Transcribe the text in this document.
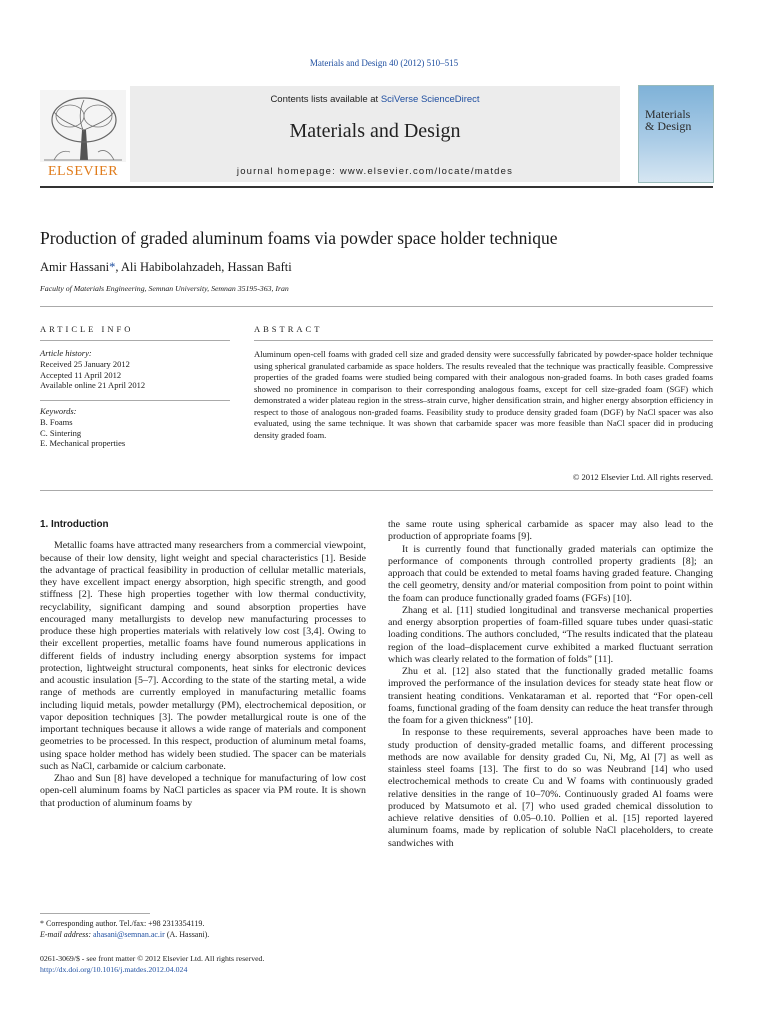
Materials and Design 40 (2012) 510–515
Contents lists available at SciVerse ScienceDirect
Materials and Design
journal homepage: www.elsevier.com/locate/matdes
ELSEVIER
Materials
& Design
Production of graded aluminum foams via powder space holder technique
Amir Hassani*, Ali Habibolahzadeh, Hassan Bafti
Faculty of Materials Engineering, Semnan University, Semnan 35195-363, Iran
ARTICLE INFO
Article history:
Received 25 January 2012
Accepted 11 April 2012
Available online 21 April 2012
Keywords:
B. Foams
C. Sintering
E. Mechanical properties
ABSTRACT
Aluminum open-cell foams with graded cell size and graded density were successfully fabricated by powder-space holder technique using spherical granulated carbamide as space holders. The results revealed that the technique was practically feasible. Compressive properties of the graded foams were studied being compared with their analogous non-graded foams. In both cases graded foams showed no prominence in comparison to their corresponding analogous foams, except for cell size-graded foam (SGF) which demonstrated a wider plateau region in the stress–strain curve, higher densification strain, and higher energy absorption efficiency in respect to those of analogous non-graded foams. Feasibility study to produce density graded foam (DGF) by NaCl spacer was also evaluated, using the same technique. It was shown that carbamide spacer was more feasible than NaCl spacer did in producing density graded foam.
© 2012 Elsevier Ltd. All rights reserved.
1. Introduction

Metallic foams have attracted many researchers from a commercial viewpoint, because of their low density, light weight and special characteristics [1]. Beside the advantage of practical feasibility in production of cellular metallic materials, they have excellent impact energy absorption, high specific strength, and good stiffness [2]. These high properties together with low thermal conductivity, recyclability, significant damping and sound absorption properties have encouraged many metallurgists to develop new manufacturing processes to produce these high properties materials with relatively low cost [3,4]. Owing to their excellent properties, metallic foams have found numerous applications in different fields of industry including energy absorption systems for impact protection, lightweight structural components, heat sinks for electronic devices and acoustic insulation [5–7]. According to the state of the starting metal, a wide range of methods are currently employed in manufacturing metallic foams including liquid metals, powder metallurgy (PM), electrochemical deposition, or vapor deposition techniques [3]. The powder metallurgical route is one of the important techniques because it allows a wide range of materials and component geometries to be processed. In this respect, production of aluminum metal foams, using space holder method has widely been studied. The spacer can be materials such as NaCl, carbamide or calcium carbonate.

Zhao and Sun [8] have developed a technique for manufacturing of low cost open-cell aluminum foams by NaCl particles as spacer via PM route. It is shown that production of aluminum foams by

the same route using spherical carbamide as spacer may also lead to the production of appropriate foams [9].

It is currently found that functionally graded materials can optimize the performance of components through controlled property gradients [8]; an approach that could be extended to metal foams having graded feature. Changing the cell geometry, density and/or material composition from point to point within the foam can produce functionally graded foams (FGFs) [10].

Zhang et al. [11] studied longitudinal and transverse mechanical properties and energy absorption properties of foam-filled square tubes under quasi-static loading conditions. The authors concluded, “The results indicated that the plateau region of the load–displacement curve exhibited a marked fluctuant serration which was clearly related to the formation of folds” [11].

Zhu et al. [12] also stated that the functionally graded metallic foams improved the performance of the insulation devices for steady state heat flow or transient heating conditions. Venkataraman et al. reported that “For open-cell foams, functional grading of the foam density can reduce the heat transfer through the foam for a given thickness” [10].

In response to these requirements, several approaches have been made to study production of density-graded metallic foams, and different processing methods are now available for density graded Cu, Ni, Mg, Al [7] as well as stainless steel foams [13]. The first to do so was Neubrand [14] who used electrochemical methods to create Cu and W foams with continuously graded relative densities in the range of 10–70%. Continuously graded Al foams were produced by Matsumoto et al. [7] who used graded chemical dissolution to achieve relative densities of 0.05–0.10. Pollien et al. [15] reported layered aluminum foams, made by replication of soluble NaCl placeholders, to create sandwiches with

* Corresponding author. Tel./fax: +98 2313354119.
E-mail address: ahasani@semnan.ac.ir (A. Hassani).
0261-3069/$ - see front matter © 2012 Elsevier Ltd. All rights reserved.
http://dx.doi.org/10.1016/j.matdes.2012.04.024
